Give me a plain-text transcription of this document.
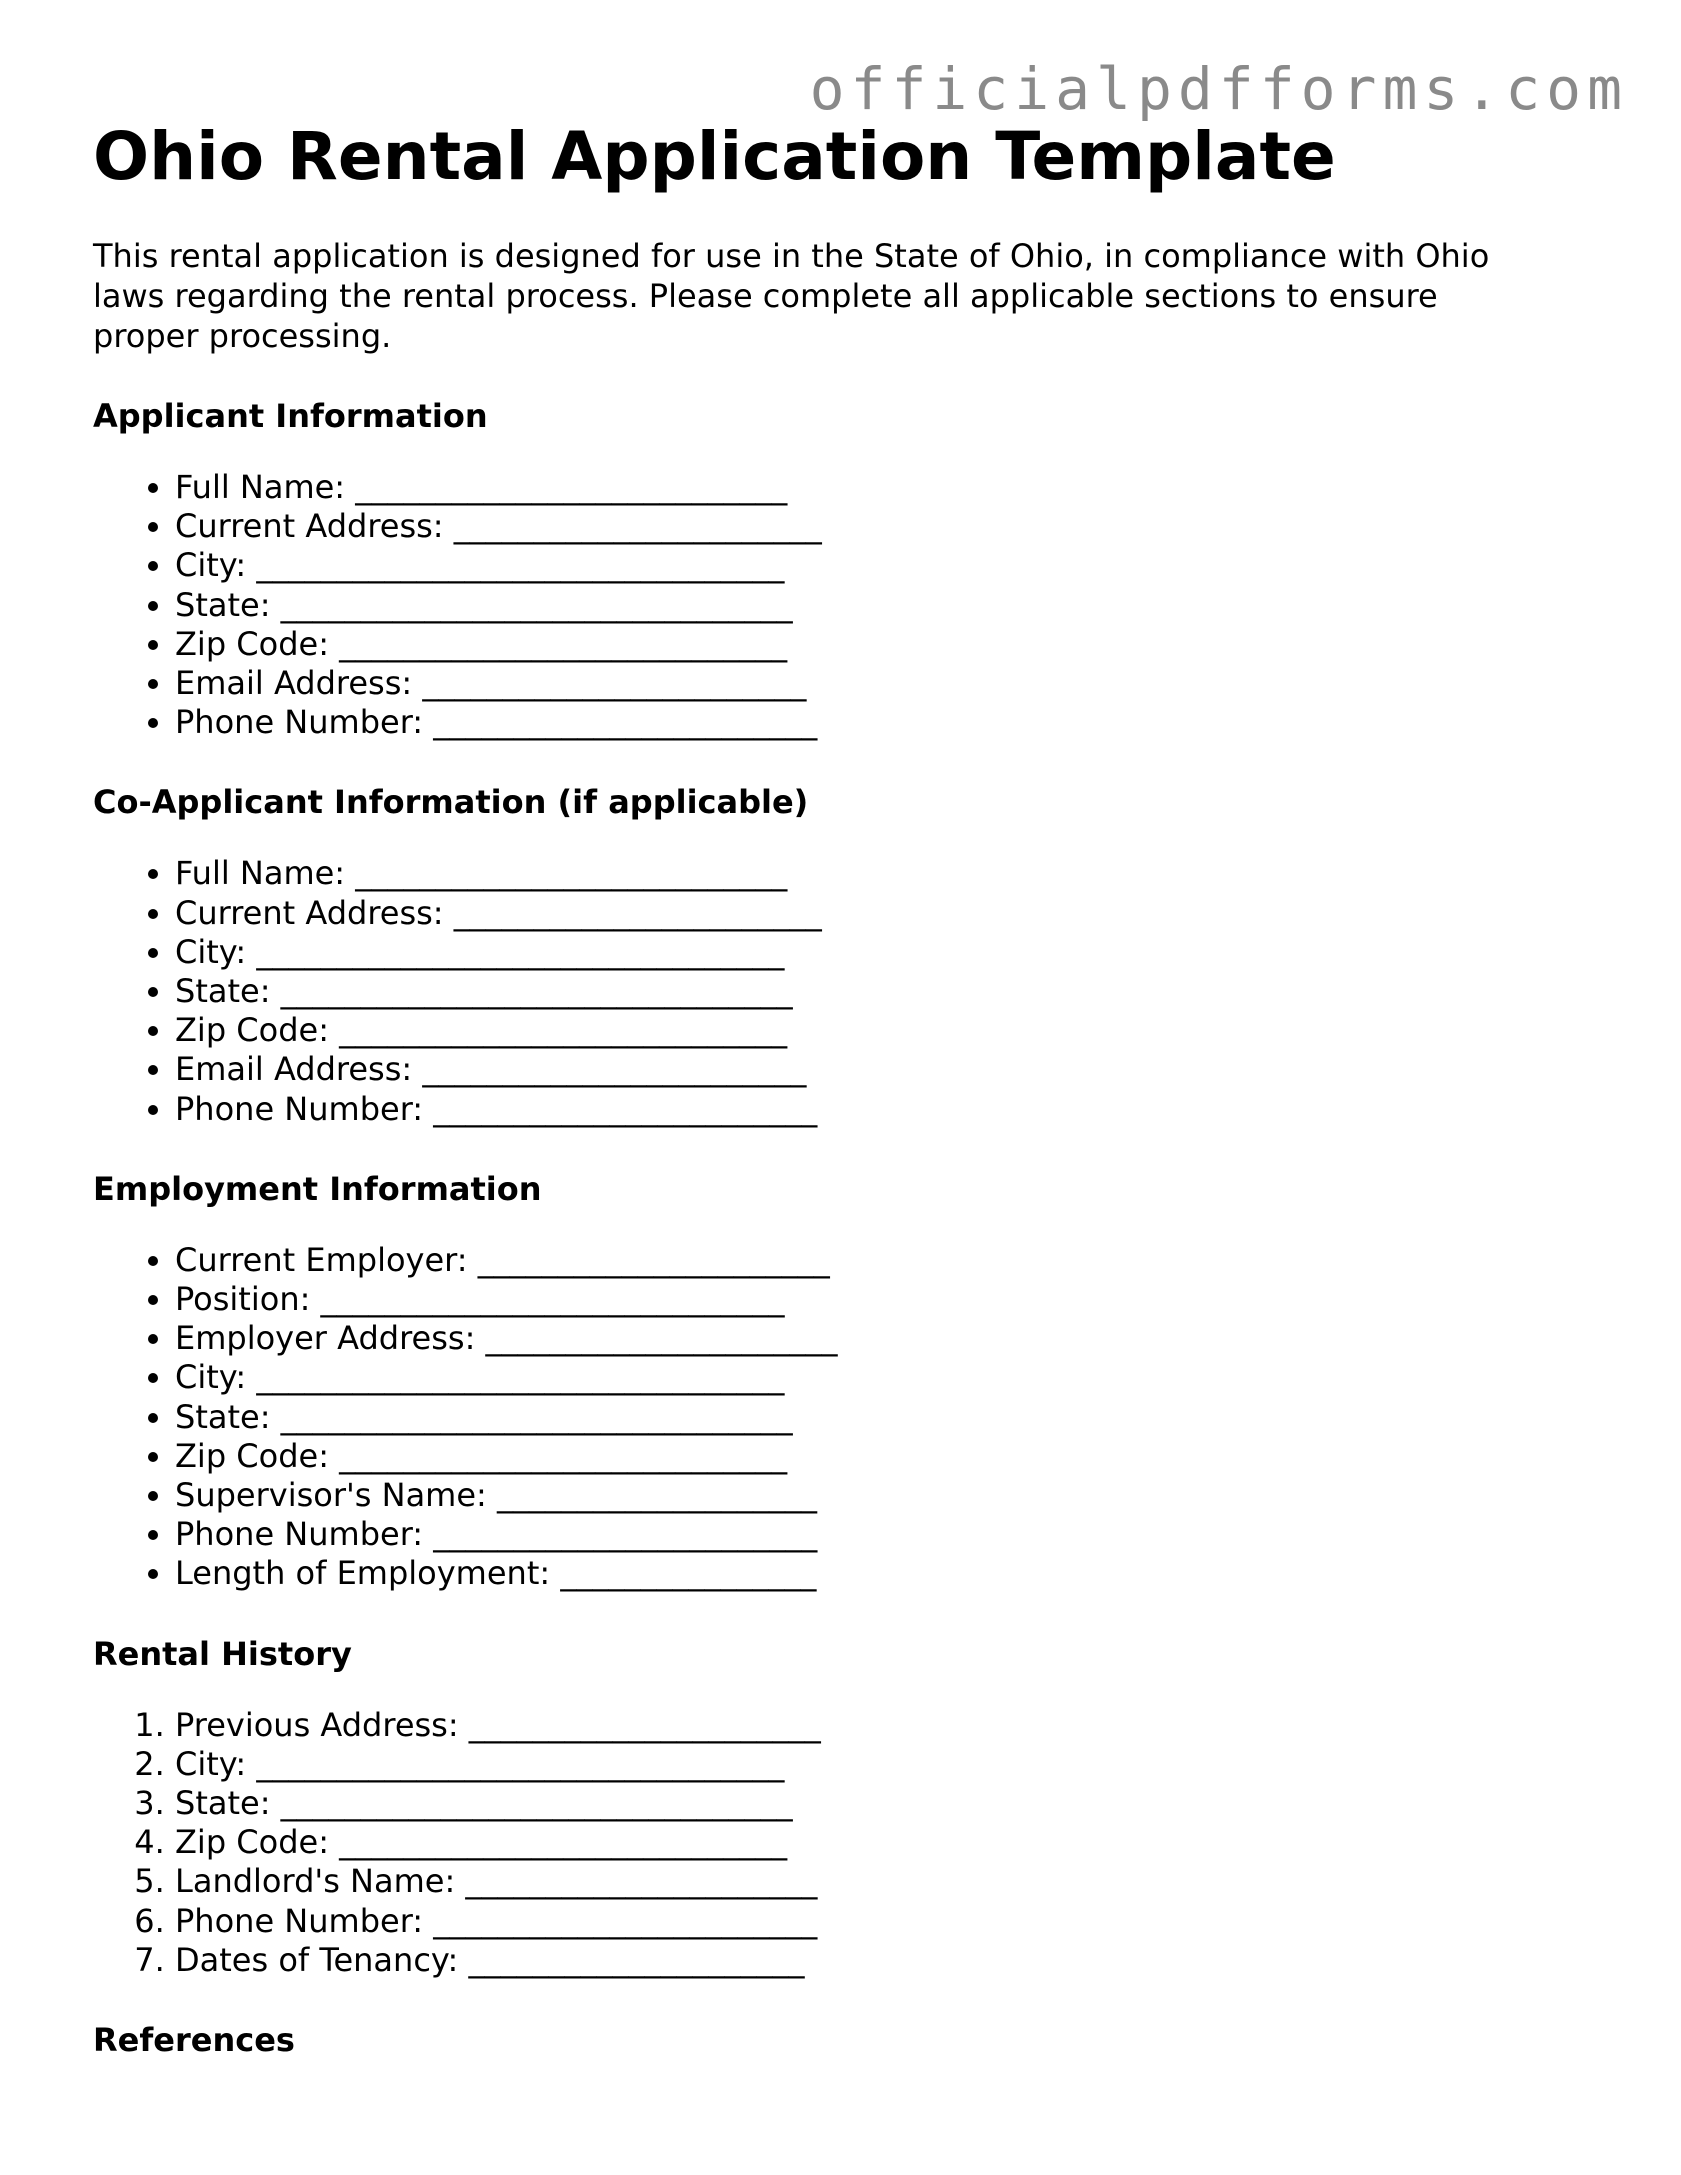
officialpdfforms.com

Ohio Rental Application Template

This rental application is designed for use in the State of Ohio, in compliance with Ohio laws regarding the rental process. Please complete all applicable sections to ensure proper processing.

Applicant Information
• Full Name: ___________________________
• Current Address: _______________________
• City: _________________________________
• State: ________________________________
• Zip Code: ____________________________
• Email Address: ________________________
• Phone Number: ________________________
Co-Applicant Information (if applicable)
• Full Name: ___________________________
• Current Address: _______________________
• City: _________________________________
• State: ________________________________
• Zip Code: ____________________________
• Email Address: ________________________
• Phone Number: ________________________
Employment Information
• Current Employer: ______________________
• Position: _____________________________
• Employer Address: ______________________
• City: _________________________________
• State: ________________________________
• Zip Code: ____________________________
• Supervisor's Name: ____________________
• Phone Number: ________________________
• Length of Employment: ________________
Rental History
1. Previous Address: ______________________
2. City: _________________________________
3. State: ________________________________
4. Zip Code: ____________________________
5. Landlord's Name: ______________________
6. Phone Number: ________________________
7. Dates of Tenancy: _____________________
References
